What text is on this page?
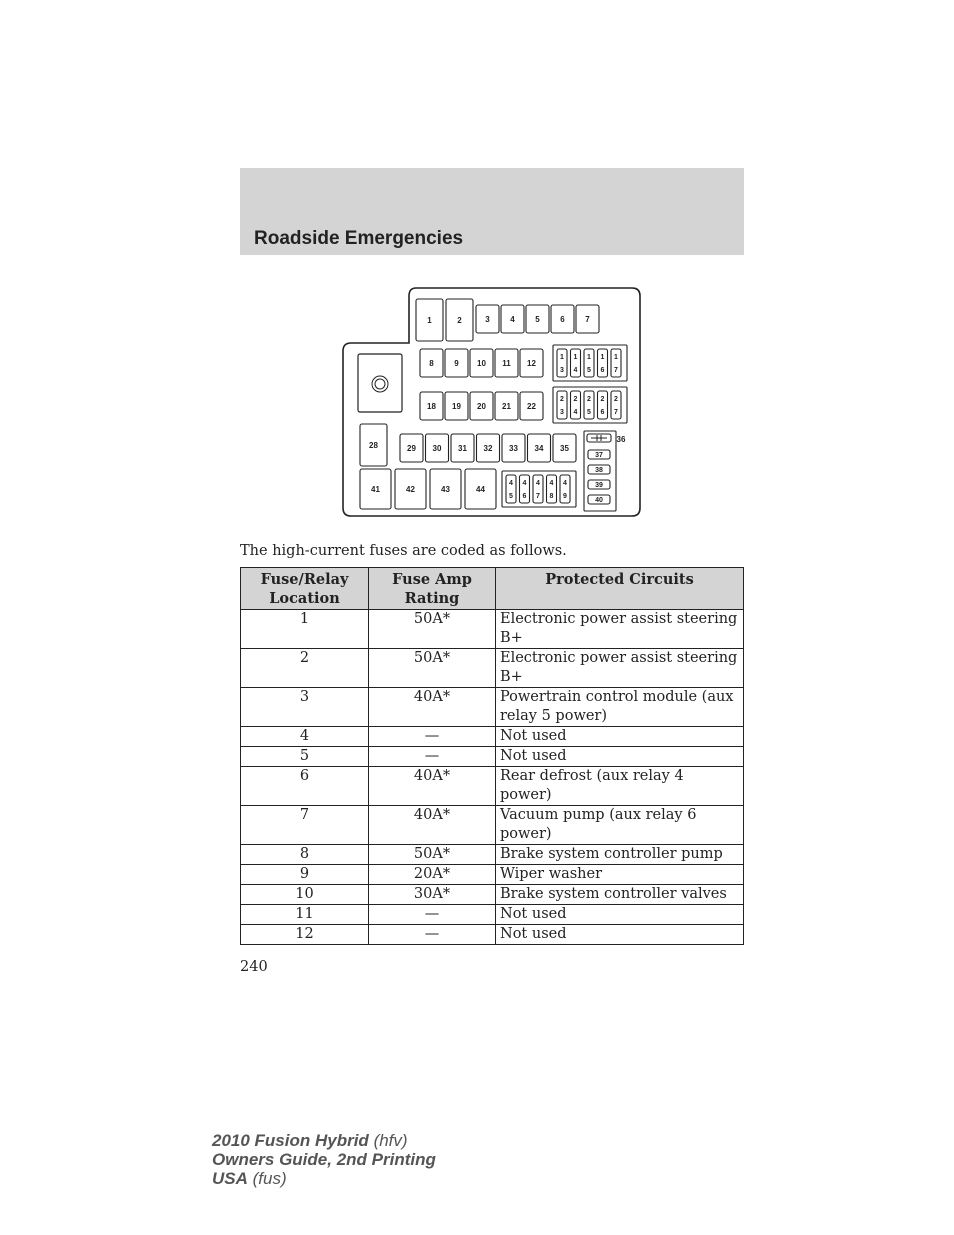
Roadside Emergencies
1	2	3	4	5	6	7
8	9 10 11 12
18 19 20 21 22
1
3
1
4
1
5
1
6
1
7
2
3
2
4
2
5
2
6
2
7
28	29 30 31 32 33 34 35
36
37
38
39
40
41	42	43	44
4
5
4
6
4
7
4
8
4
9

The high-current fuses are coded as follows.

Fuse/Relay Location	Fuse Amp Rating	Protected Circuits
1	50A*	Electronic power assist steering B+
2	50A*	Electronic power assist steering B+
3	40A*	Powertrain control module (aux relay 5 power)
4	—	Not used
5	—	Not used
6	40A*	Rear defrost (aux relay 4 power)
7	40A*	Vacuum pump (aux relay 6 power)
8	50A*	Brake system controller pump
9	20A*	Wiper washer
10	30A*	Brake system controller valves
11	—	Not used
12	—	Not used

240

2010 Fusion Hybrid (hfv)
Owners Guide, 2nd Printing
USA (fus)
